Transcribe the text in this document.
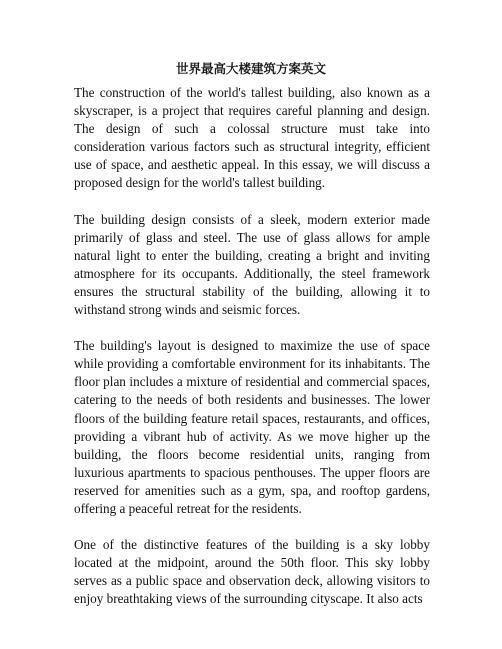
世界最高大楼建筑方案英文

The construction of the world's tallest building, also known as a skyscraper, is a project that requires careful planning and design. The design of such a colossal structure must take into consideration various factors such as structural integrity, efficient use of space, and aesthetic appeal. In this essay, we will discuss a proposed design for the world's tallest building.

The building design consists of a sleek, modern exterior made primarily of glass and steel. The use of glass allows for ample natural light to enter the building, creating a bright and inviting atmosphere for its occupants. Additionally, the steel framework ensures the structural stability of the building, allowing it to withstand strong winds and seismic forces.

The building's layout is designed to maximize the use of space while providing a comfortable environment for its inhabitants. The floor plan includes a mixture of residential and commercial spaces, catering to the needs of both residents and businesses. The lower floors of the building feature retail spaces, restaurants, and offices, providing a vibrant hub of activity. As we move higher up the building, the floors become residential units, ranging from luxurious apartments to spacious penthouses. The upper floors are reserved for amenities such as a gym, spa, and rooftop gardens, offering a peaceful retreat for the residents.

One of the distinctive features of the building is a sky lobby located at the midpoint, around the 50th floor. This sky lobby serves as a public space and observation deck, allowing visitors to enjoy breathtaking views of the surrounding cityscape. It also acts
